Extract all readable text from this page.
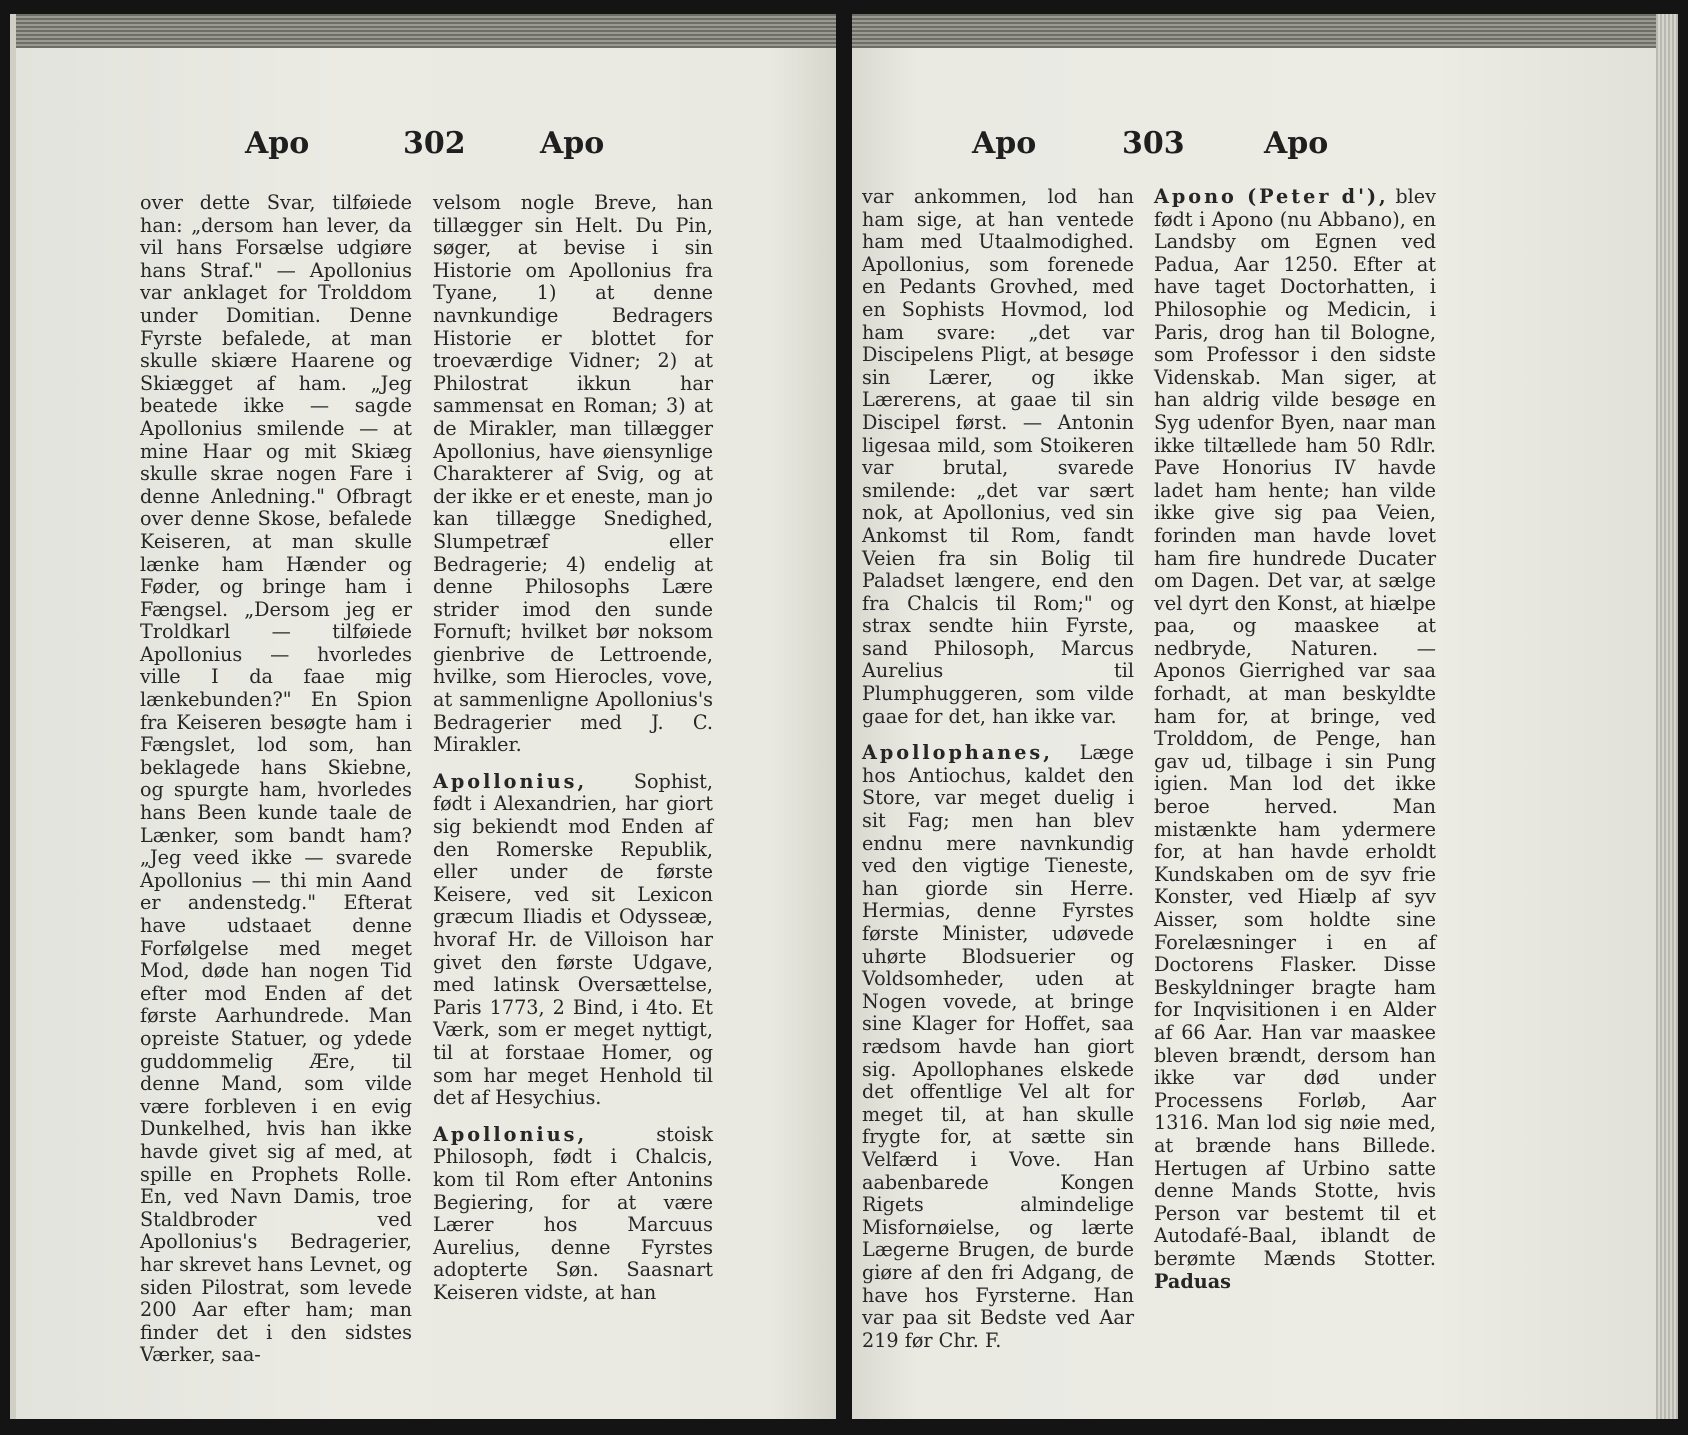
Apo	302 Apo

over dette Svar, tilføiede han: „dersom han lever, da vil hans Forsælse udgiøre hans Straf." — Apollonius var anklaget for Trolddom under Domitian. Denne Fyrste befalede, at man skulle skiære Haarene og Skiægget af ham. „Jeg beatede ikke — sagde Apollonius smilende — at mine Haar og mit Skiæg skulle skrae nogen Fare i denne Anledning." Ofbragt over denne Skose, befalede Keiseren, at man skulle lænke ham Hænder og Føder, og bringe ham i Fængsel. „Dersom jeg er Troldkarl — tilføiede Apollonius — hvorledes ville I da faae mig lænkebunden?" En Spion fra Keiseren besøgte ham i Fængslet, lod som, han beklagede hans Skiebne, og spurgte ham, hvorledes hans Been kunde taale de Lænker, som bandt ham? „Jeg veed ikke — svarede Apollonius — thi min Aand er andenstedg." Efterat have udstaaet denne Forfølgelse med meget Mod, døde han nogen Tid efter mod Enden af det første Aarhundrede. Man opreiste Statuer, og ydede guddommelig Ære, til denne Mand, som vilde være forbleven i en evig Dunkelhed, hvis han ikke havde givet sig af med, at spille en Prophets Rolle. En, ved Navn Damis, troe Staldbroder ved Apollonius's Bedragerier, har skrevet hans Levnet, og siden Pilostrat, som levede 200 Aar efter ham; man finder det i den sidstes Værker, saa-

velsom nogle Breve, han tillægger sin Helt. Du Pin, søger, at bevise i sin Historie om Apollonius fra Tyane, 1) at denne navnkundige Bedragers Historie er blottet for troeværdige Vidner; 2) at Philostrat ikkun har sammensat en Roman; 3) at de Mirakler, man tillægger Apollonius, have øiensynlige Charakterer af Svig, og at der ikke er et eneste, man jo kan tillægge Snedighed, Slumpetræf eller Bedragerie; 4) endelig at denne Philosophs Lære strider imod den sunde Fornuft; hvilket bør noksom gienbrive de Lettroende, hvilke, som Hierocles, vove, at sammenligne Apollonius's Bedragerier med J. C. Mirakler.

Apollonius, Sophist, født i Alexandrien, har giort sig bekiendt mod Enden af den Romerske Republik, eller under de første Keisere, ved sit Lexicon græcum Iliadis et Odysseæ, hvoraf Hr. de Villoison har givet den første Udgave, med latinsk Oversættelse, Paris 1773, 2 Bind, i 4to. Et Værk, som er meget nyttigt, til at forstaae Homer, og som har meget Henhold til det af Hesychius.

Apollonius,	stoisk Philosoph, født i Chalcis, kom til Rom efter Antonins Begiering, for at være Lærer hos Marcuus Aurelius, denne Fyrstes adopterte Søn. Saasnart Keiseren vidste, at han

Apo	303	Apo

var ankommen, lod han ham sige, at han ventede ham med Utaalmodighed. Apollonius, som forenede en Pedants Grovhed, med en Sophists Hovmod, lod ham svare: „det var Discipelens Pligt, at besøge sin Lærer, og ikke Lærerens, at gaae til sin Discipel først. — Antonin ligesaa mild, som Stoikeren var brutal, svarede smilende: „det var sært nok, at Apollonius, ved sin Ankomst til Rom, fandt Veien fra sin Bolig til Paladset længere, end den fra Chalcis til Rom;" og strax sendte hiin Fyrste, sand Philosoph, Marcus Aurelius til Plumphuggeren, som vilde gaae for det, han ikke var.

Apollophanes, Læge hos Antiochus, kaldet den Store, var meget duelig i sit Fag; men han blev endnu mere navnkundig ved den vigtige Tieneste, han giorde sin Herre. Hermias, denne Fyrstes første Minister, udøvede uhørte Blodsuerier og Voldsomheder, uden at Nogen vovede, at bringe sine Klager for Hoffet, saa rædsom havde han giort sig. Apollophanes elskede det offentlige Vel alt for meget til, at han skulle frygte for, at sætte sin Velfærd i Vove. Han aabenbarede Kongen Rigets almindelige Misfornøielse, og lærte Lægerne Brugen, de burde giøre af den fri Adgang, de have hos Fyrsterne. Han var paa sit Bedste ved Aar 219 før Chr. F.

Apono (Peter d'), blev født i Apono (nu Abbano), en Landsby om Egnen ved Padua, Aar 1250. Efter at have taget Doctorhatten, i Philosophie og Medicin, i Paris, drog han til Bologne, som Professor i den sidste Videnskab. Man siger, at han aldrig vilde besøge en Syg udenfor Byen, naar man ikke tiltællede ham 50 Rdlr. Pave Honorius IV havde ladet ham hente; han vilde ikke give sig paa Veien, forinden man havde lovet ham fire hundrede Ducater om Dagen. Det var, at sælge vel dyrt den Konst, at hiælpe paa, og maaskee at nedbryde, Naturen. — Aponos Gierrighed var saa forhadt, at man beskyldte ham for, at bringe, ved Trolddom, de Penge, han gav ud, tilbage i sin Pung igien. Man lod det ikke beroe herved. Man mistænkte ham ydermere for, at han havde erholdt Kundskaben om de syv frie Konster, ved Hiælp af syv Aisser, som holdte sine Forelæsninger i en af Doctorens Flasker. Disse Beskyldninger bragte ham for Inqvisitionen i en Alder af 66 Aar. Han var maaskee bleven brændt, dersom han ikke var død under Processens Forløb, Aar 1316. Man lod sig nøie med, at brænde hans Billede. Hertugen af Urbino satte denne Mands Stotte, hvis Person var bestemt til et Autodafé-Baal, iblandt de berømte Mænds Stotter. Paduas
